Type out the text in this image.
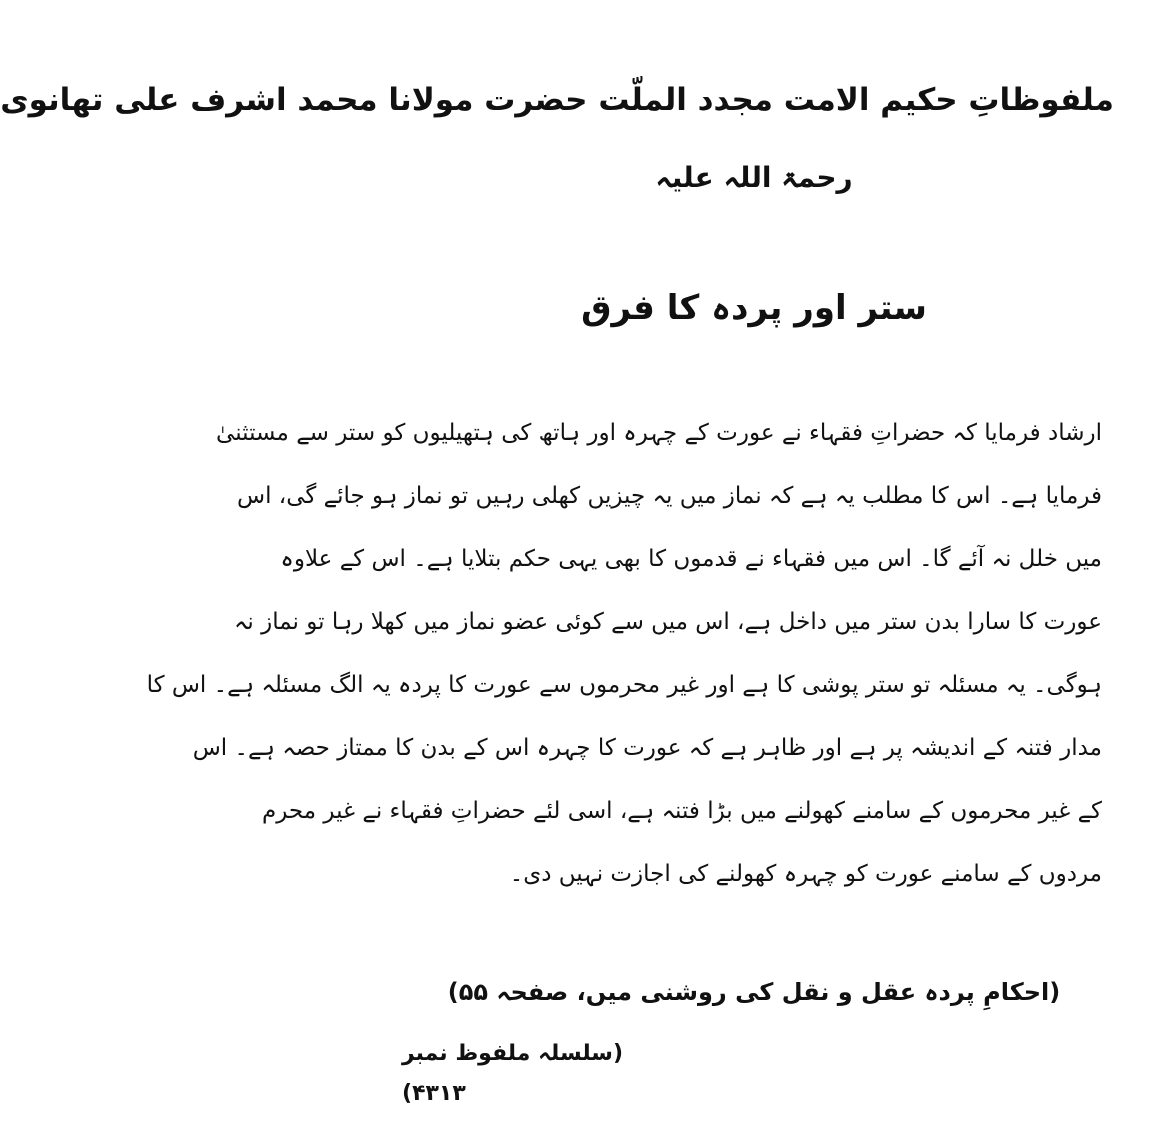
ملفوظاتِ حکیم الامت مجدد الملّت حضرت مولانا محمد اشرف علی تھانوی
رحمۃ اللہ علیہ
ستر اور پردہ کا فرق
ارشاد فرمایا کہ حضراتِ فقہاء نے عورت کے چہرہ اور ہاتھ کی ہتھیلیوں کو ستر سے مستثنیٰ
فرمایا ہے۔ اس کا مطلب یہ ہے کہ نماز میں یہ چیزیں کھلی رہیں تو نماز ہو جائے گی، اس
میں خلل نہ آئے گا۔ اس میں فقہاء نے قدموں کا بھی یہی حکم بتلایا ہے۔ اس کے علاوہ
عورت کا سارا بدن ستر میں داخل ہے، اس میں سے کوئی عضو نماز میں کھلا رہا تو نماز نہ
ہوگی۔ یہ مسئلہ تو ستر پوشی کا ہے اور غیر محرموں سے عورت کا پردہ یہ الگ مسئلہ ہے۔ اس کا
مدار فتنہ کے اندیشہ پر ہے اور ظاہر ہے کہ عورت کا چہرہ اس کے بدن کا ممتاز حصہ ہے۔ اس
کے غیر محرموں کے سامنے کھولنے میں بڑا فتنہ ہے، اسی لئے حضراتِ فقہاء نے غیر محرم
مردوں کے سامنے عورت کو چہرہ کھولنے کی اجازت نہیں دی۔
(احکامِ پردہ عقل و نقل کی روشنی میں، صفحہ ۵۵)
(سلسلہ ملفوظ نمبر ۴۳۱۳)
